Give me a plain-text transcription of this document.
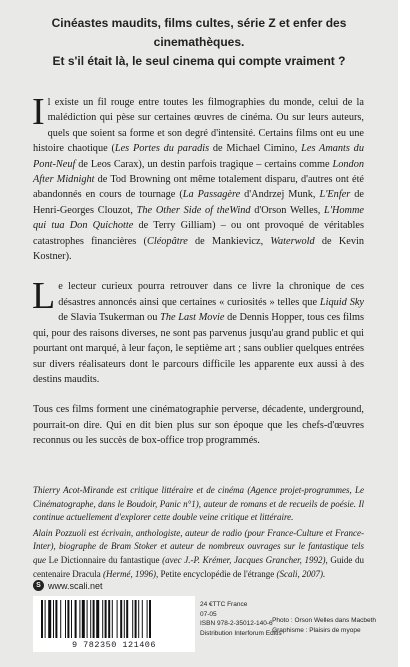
Cinéastes maudits, films cultes, série Z et enfer des cinemathèques.
Et s'il était là, le seul cinema qui compte vraiment ?

Il existe un fil rouge entre toutes les filmographies du monde, celui de la malédiction qui pèse sur certaines œuvres de cinéma. Ou sur leurs auteurs, quels que soient sa forme et son degré d'intensité. Certains films ont eu une histoire chaotique (Les Portes du paradis de Michael Cimino, Les Amants du Pont-Neuf de Leos Carax), un destin parfois tragique – certains comme London After Midnight de Tod Browning ont même totalement disparu, d'autres ont été abandonnés en cours de tournage (La Passagère d'Andrzej Munk, L'Enfer de Henri-Georges Clouzot, The Other Side of theWind d'Orson Welles, L'Homme qui tua Don Quichotte de Terry Gilliam) – ou ont provoqué de véritables catastrophes financières (Cléopâtre de Mankievicz, Waterwold de Kevin Kostner).

Le lecteur curieux pourra retrouver dans ce livre la chronique de ces désastres annoncés ainsi que certaines « curiosités » telles que Liquid Sky de Slavia Tsukerman ou The Last Movie de Dennis Hopper, tous ces films qui, pour des raisons diverses, ne sont pas parvenus jusqu'au grand public et qui pourtant ont marqué, à leur façon, le septième art ; sans oublier quelques entrées sur divers réalisateurs dont le parcours difficile les apparente eux aussi à des destins maudits.

Tous ces films forment une cinématographie perverse, décadente, underground, pourrait-on dire. Qui en dit bien plus sur son époque que les chefs-d'œuvres reconnus ou les succès de box-office trop programmés.

Thierry Acot-Mirande est critique littéraire et de cinéma (Agence projet-programmes, Le Cinématographe, dans le Boudoir, Panic n°1), auteur de romans et de recueils de poésie. Il continue actuellement d'explorer cette double veine critique et littéraire.

Alain Pozzuoli est écrivain, anthologiste, auteur de radio (pour France-Culture et France-Inter), biographe de Bram Stoker et auteur de nombreux ouvrages sur le fantastique tels que Le Dictionnaire du fantastique (avec J.-P. Krémer, Jacques Grancher, 1992), Guide du centenaire Dracula (Hermé, 1996), Petite encyclopédie de l'étrange (Scali, 2007).

S www.scali.net
9 782350 121406
24 €TTC France
07-05
ISBN 978-2-35012-140-6
Distribution Interforum Editis
Photo : Orson Welles dans Macbeth
Graphisme : Plaisirs de myope
